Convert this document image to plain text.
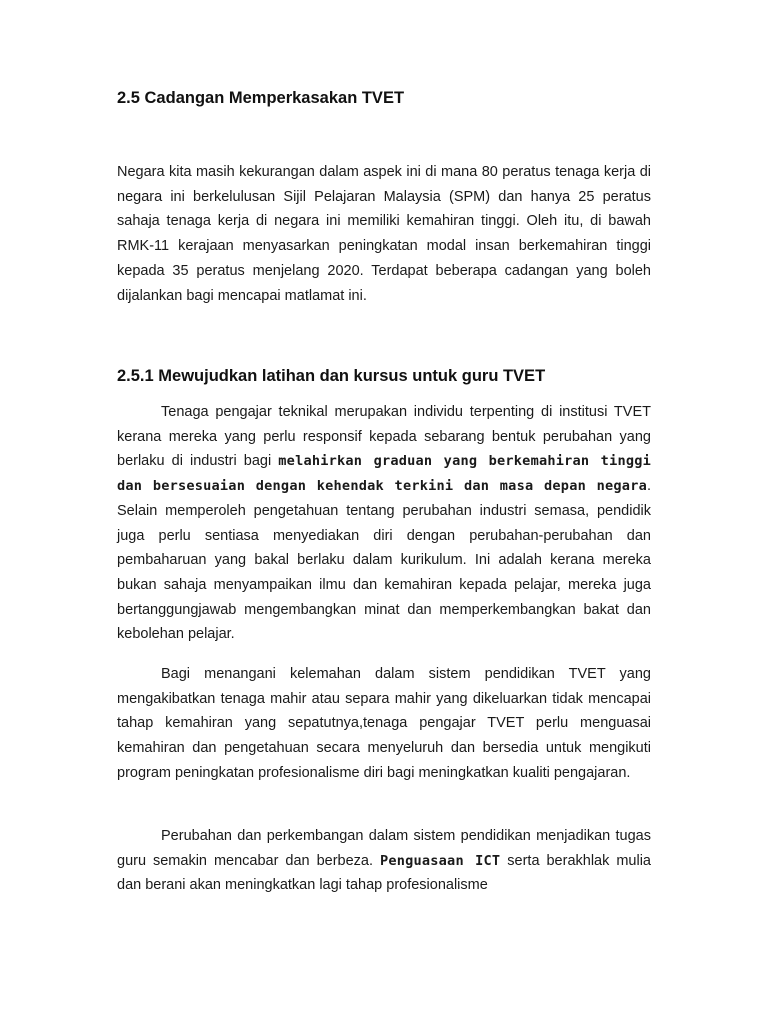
2.5 Cadangan Memperkasakan TVET

Negara kita masih kekurangan dalam aspek ini di mana 80 peratus tenaga kerja di negara ini berkelulusan Sijil Pelajaran Malaysia (SPM) dan hanya 25 peratus sahaja tenaga kerja di negara ini memiliki kemahiran tinggi. Oleh itu, di bawah RMK-11 kerajaan menyasarkan peningkatan modal insan berkemahiran tinggi kepada 35 peratus menjelang 2020. Terdapat beberapa cadangan yang boleh dijalankan bagi mencapai matlamat ini.

2.5.1 Mewujudkan latihan dan kursus untuk guru TVET

Tenaga pengajar teknikal merupakan individu terpenting di institusi TVET kerana mereka yang perlu responsif kepada sebarang bentuk perubahan yang berlaku di industri bagi melahirkan graduan yang berkemahiran tinggi dan bersesuaian dengan kehendak terkini dan masa depan negara. Selain memperoleh pengetahuan tentang perubahan industri semasa, pendidik juga perlu sentiasa menyediakan diri dengan perubahan-perubahan dan pembaharuan yang bakal berlaku dalam kurikulum. Ini adalah kerana mereka bukan sahaja menyampaikan ilmu dan kemahiran kepada pelajar, mereka juga bertanggungjawab mengembangkan minat dan memperkembangkan bakat dan kebolehan pelajar.

Bagi menangani kelemahan dalam sistem pendidikan TVET yang mengakibatkan tenaga mahir atau separa mahir yang dikeluarkan tidak mencapai tahap kemahiran yang sepatutnya,tenaga pengajar TVET perlu menguasai kemahiran dan pengetahuan secara menyeluruh dan bersedia untuk mengikuti program peningkatan profesionalisme diri bagi meningkatkan kualiti pengajaran.

Perubahan dan perkembangan dalam sistem pendidikan menjadikan tugas guru semakin mencabar dan berbeza. Penguasaan ICT serta berakhlak mulia dan berani akan meningkatkan lagi tahap profesionalisme
